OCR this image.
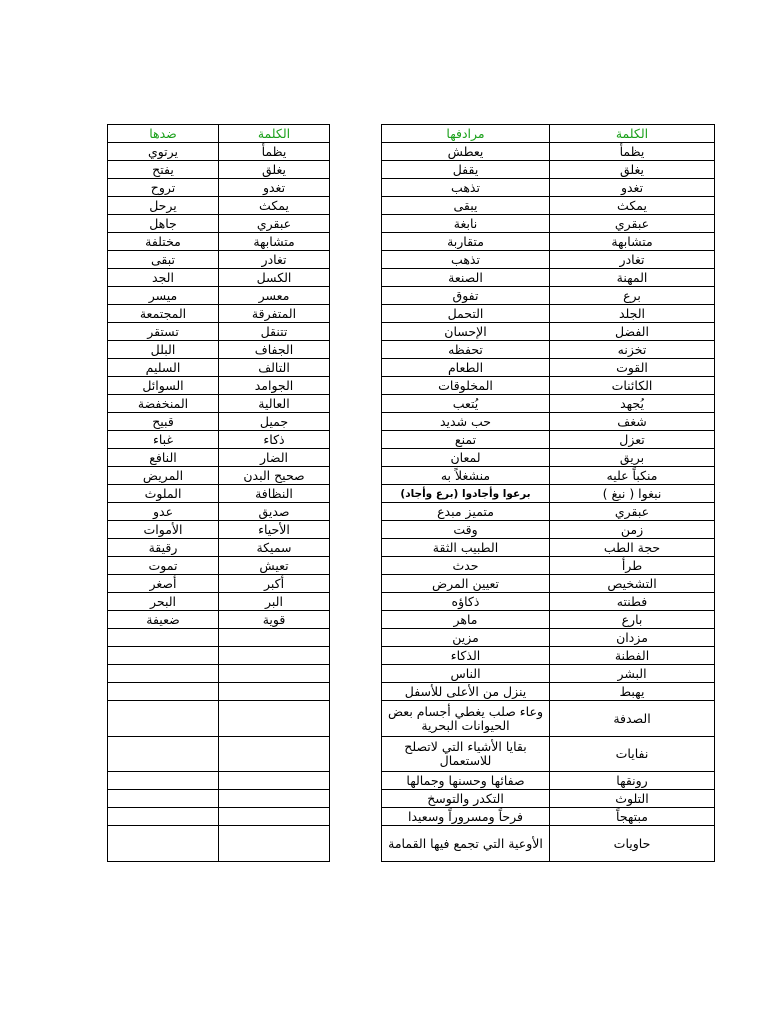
الكلمة	مرادفها
يظمأ	يعطش
يغلق	يقفل
تغدو	تذهب
يمكث	يبقى
عبقري	نابغة
متشابهة	متقاربة
تغادر	تذهب
المهنة	الصنعة
برع	تفوق
الجلد	التحمل
الفضل	الإحسان
تخزنه	تحفظه
القوت	الطعام
الكائنات	المخلوقات
يُجهد	يُتعب
شغف	حب شديد
تعزل	تمنع
بريق	لمعان
منكباً عليه	منشغلاً به
نبغوا ( نبغ )	برعوا وأجادوا (برع وأجاد)
عبقري	متميز مبدع
زمن	وقت
حجة الطب	الطبيب الثقة
طرأ	حدث
التشخيص	تعيين المرض
فطنته	ذكاؤه
بارع	ماهر
مزدان	مزين
الفطنة	الذكاء
البشر	الناس
يهبط	ينزل من الأعلى للأسفل
الصدفة	وعاء صلب يغطي أجسام بعض الحيوانات البحرية
نفايات	بقايا الأشياء التي لاتصلح للاستعمال
رونقها	صفائها وحسنها وجمالها
التلوث	التكدر والتوسخ
مبتهجاً	فرحاً ومسروراً وسعيدا
حاويات	الأوعية التي تجمع فيها القمامة
الكلمة	ضدها
يظمأ	يرتوي
يغلق	يفتح
تغدو	تروح
يمكث	يرحل
عبقري	جاهل
متشابهة	مختلفة
تغادر	تبقى
الكسل	الجد
معسر	ميسر
المتفرقة	المجتمعة
تتنقل	تستقر
الجفاف	البلل
التالف	السليم
الجوامد	السوائل
العالية	المنخفضة
جميل	قبيح
ذكاء	غباء
الضار	النافع
صحيح البدن	المريض
النظافة	الملوث
صديق	عدو
الأحياء	الأموات
سميكة	رقيقة
تعيش	تموت
أكبر	أصغر
البر	البحر
قوية	ضعيفة
